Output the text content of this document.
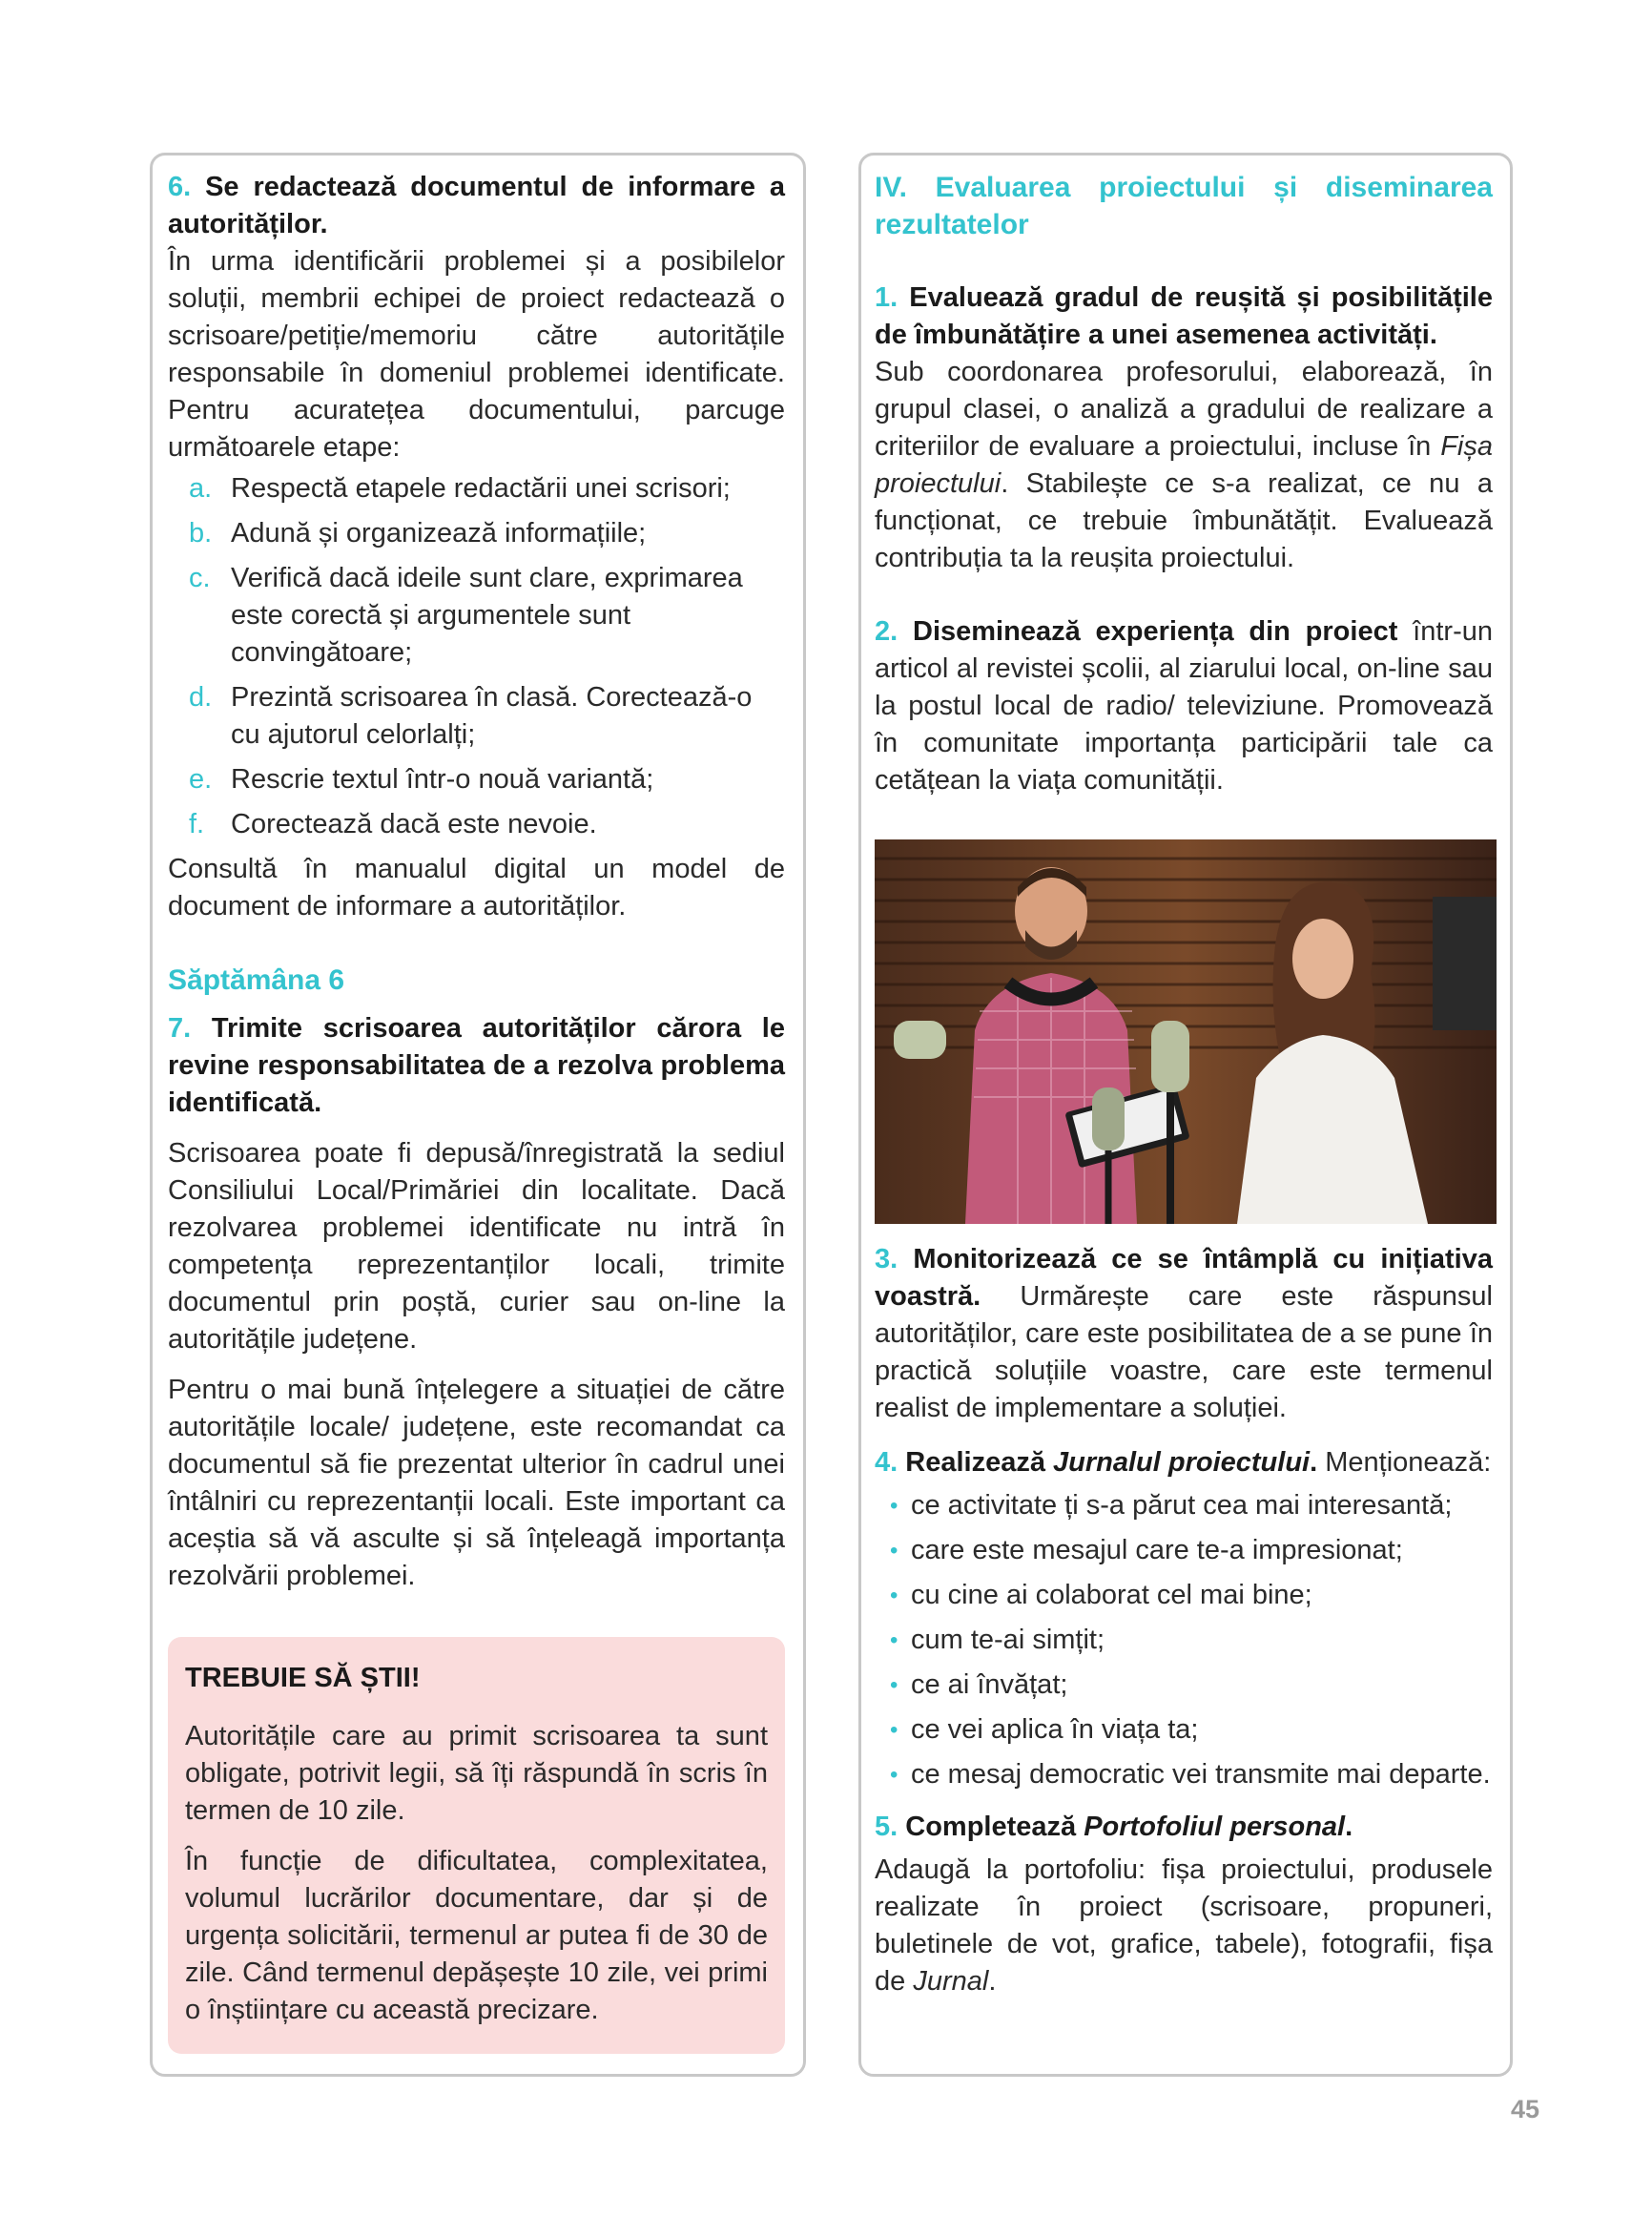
6. Se redactează documentul de informare a autorităților.

În urma identificării problemei și a posibilelor soluții, membrii echipei de proiect redactează o scrisoare/petiție/memoriu către autoritățile responsabile în domeniul problemei identificate. Pentru acuratețea documentului, parcuge următoarele etape:

a. Respectă etapele redactării unei scrisori;
b. Adună și organizează informațiile;
c. Verifică dacă ideile sunt clare, exprimarea este corectă și argumentele sunt convingătoare;
d. Prezintă scrisoarea în clasă. Corectează-o cu ajutorul celorlalți;
e. Rescrie textul într-o nouă variantă;
f. Corectează dacă este nevoie.

Consultă în manualul digital un model de document de informare a autorităților.

Săptămâna 6

7. Trimite scrisoarea autorităților cărora le revine responsabilitatea de a rezolva problema identificată.

Scrisoarea poate fi depusă/înregistrată la sediul Consiliului Local/Primăriei din localitate. Dacă rezolvarea problemei identificate nu intră în competența reprezentanților locali, trimite documentul prin poștă, curier sau on-line la autoritățile județene.

Pentru o mai bună înțelegere a situației de către autoritățile locale/ județene, este recomandat ca documentul să fie prezentat ulterior în cadrul unei întâlniri cu reprezentanții locali. Este important ca aceștia să vă asculte și să înțeleagă importanța rezolvării problemei.

TREBUIE SĂ ȘTII!

Autoritățile care au primit scrisoarea ta sunt obligate, potrivit legii, să îți răspundă în scris în termen de 10 zile.

În funcție de dificultatea, complexitatea, volumul lucrărilor documentare, dar și de urgența solicitării, termenul ar putea fi de 30 de zile. Când termenul depășește 10 zile, vei primi o înștiințare cu această precizare.

IV. Evaluarea proiectului și diseminarea rezultatelor

1. Evaluează gradul de reușită și posibilitățile de îmbunătățire a unei asemenea activități.

Sub coordonarea profesorului, elaborează, în grupul clasei, o analiză a gradului de realizare a criteriilor de evaluare a proiectului, incluse în Fișa proiectului. Stabilește ce s-a realizat, ce nu a funcționat, ce trebuie îmbunătățit. Evaluează contribuția ta la reușita proiectului.

2. Diseminează experiența din proiect într-un articol al revistei școlii, al ziarului local, on-line sau la postul local de radio/ televiziune. Promovează în comunitate importanța participării tale ca cetățean la viața comunității.

3. Monitorizează ce se întâmplă cu inițiativa voastră. Urmărește care este răspunsul autorităților, care este posibilitatea de a se pune în practică soluțiile voastre, care este termenul realist de implementare a soluției.

4. Realizează Jurnalul proiectului. Menționează:

• ce activitate ți s-a părut cea mai interesantă;
• care este mesajul care te-a impresionat;
• cu cine ai colaborat cel mai bine;
• cum te-ai simțit;
• ce ai învățat;
• ce vei aplica în viața ta;
• ce mesaj democratic vei transmite mai departe.

5. Completează Portofoliul personal.

Adaugă la portofoliu: fișa proiectului, produsele realizate în proiect (scrisoare, propuneri, buletinele de vot, grafice, tabele), fotografii, fișa de Jurnal.

45
